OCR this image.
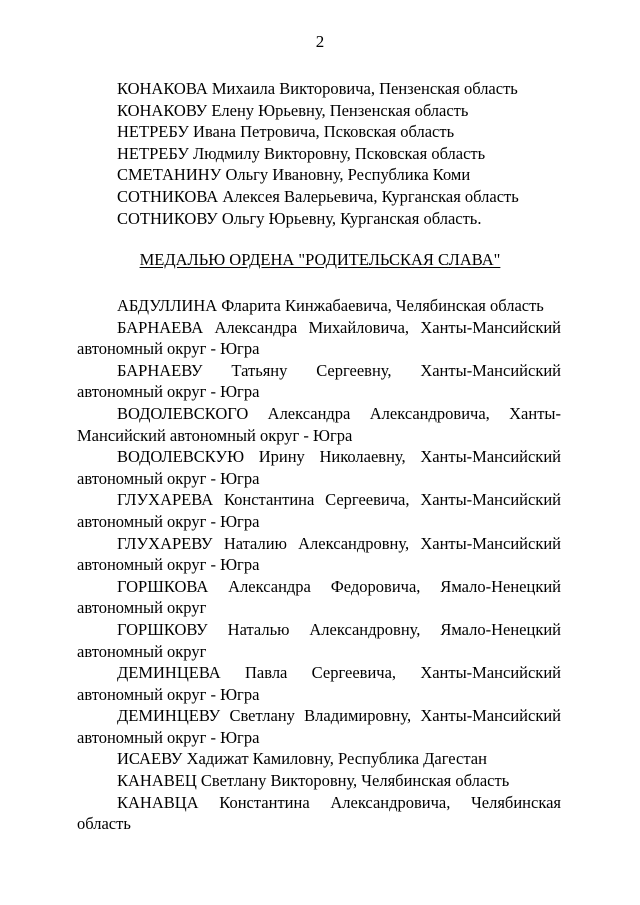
2

КОНАКОВА Михаила Викторовича, Пензенская область

КОНАКОВУ Елену Юрьевну, Пензенская область

НЕТРЕБУ Ивана Петровича, Псковская область

НЕТРЕБУ Людмилу Викторовну, Псковская область

СМЕТАНИНУ Ольгу Ивановну, Республика Коми

СОТНИКОВА Алексея Валерьевича, Курганская область

СОТНИКОВУ Ольгу Юрьевну, Курганская область.

МЕДАЛЬЮ ОРДЕНА "РОДИТЕЛЬСКАЯ СЛАВА"

АБДУЛЛИНА Фларита Кинжабаевича, Челябинская область

БАРНАЕВА Александра Михайловича, Ханты-Мансийский автономный округ - Югра

БАРНАЕВУ Татьяну Сергеевну, Ханты-Мансийский автономный округ - Югра

ВОДОЛЕВСКОГО Александра Александровича, Ханты-Мансийский автономный округ - Югра

ВОДОЛЕВСКУЮ Ирину Николаевну, Ханты-Мансийский автономный округ - Югра

ГЛУХАРЕВА Константина Сергеевича, Ханты-Мансийский автономный округ - Югра

ГЛУХАРЕВУ Наталию Александровну, Ханты-Мансийский автономный округ - Югра

ГОРШКОВА Александра Федоровича, Ямало-Ненецкий автономный округ

ГОРШКОВУ Наталью Александровну, Ямало-Ненецкий автономный округ

ДЕМИНЦЕВА Павла Сергеевича, Ханты-Мансийский автономный округ - Югра

ДЕМИНЦЕВУ Светлану Владимировну, Ханты-Мансийский автономный округ - Югра

ИСАЕВУ Хадижат Камиловну, Республика Дагестан

КАНАВЕЦ Светлану Викторовну, Челябинская область

КАНАВЦА Константина Александровича, Челябинская область
